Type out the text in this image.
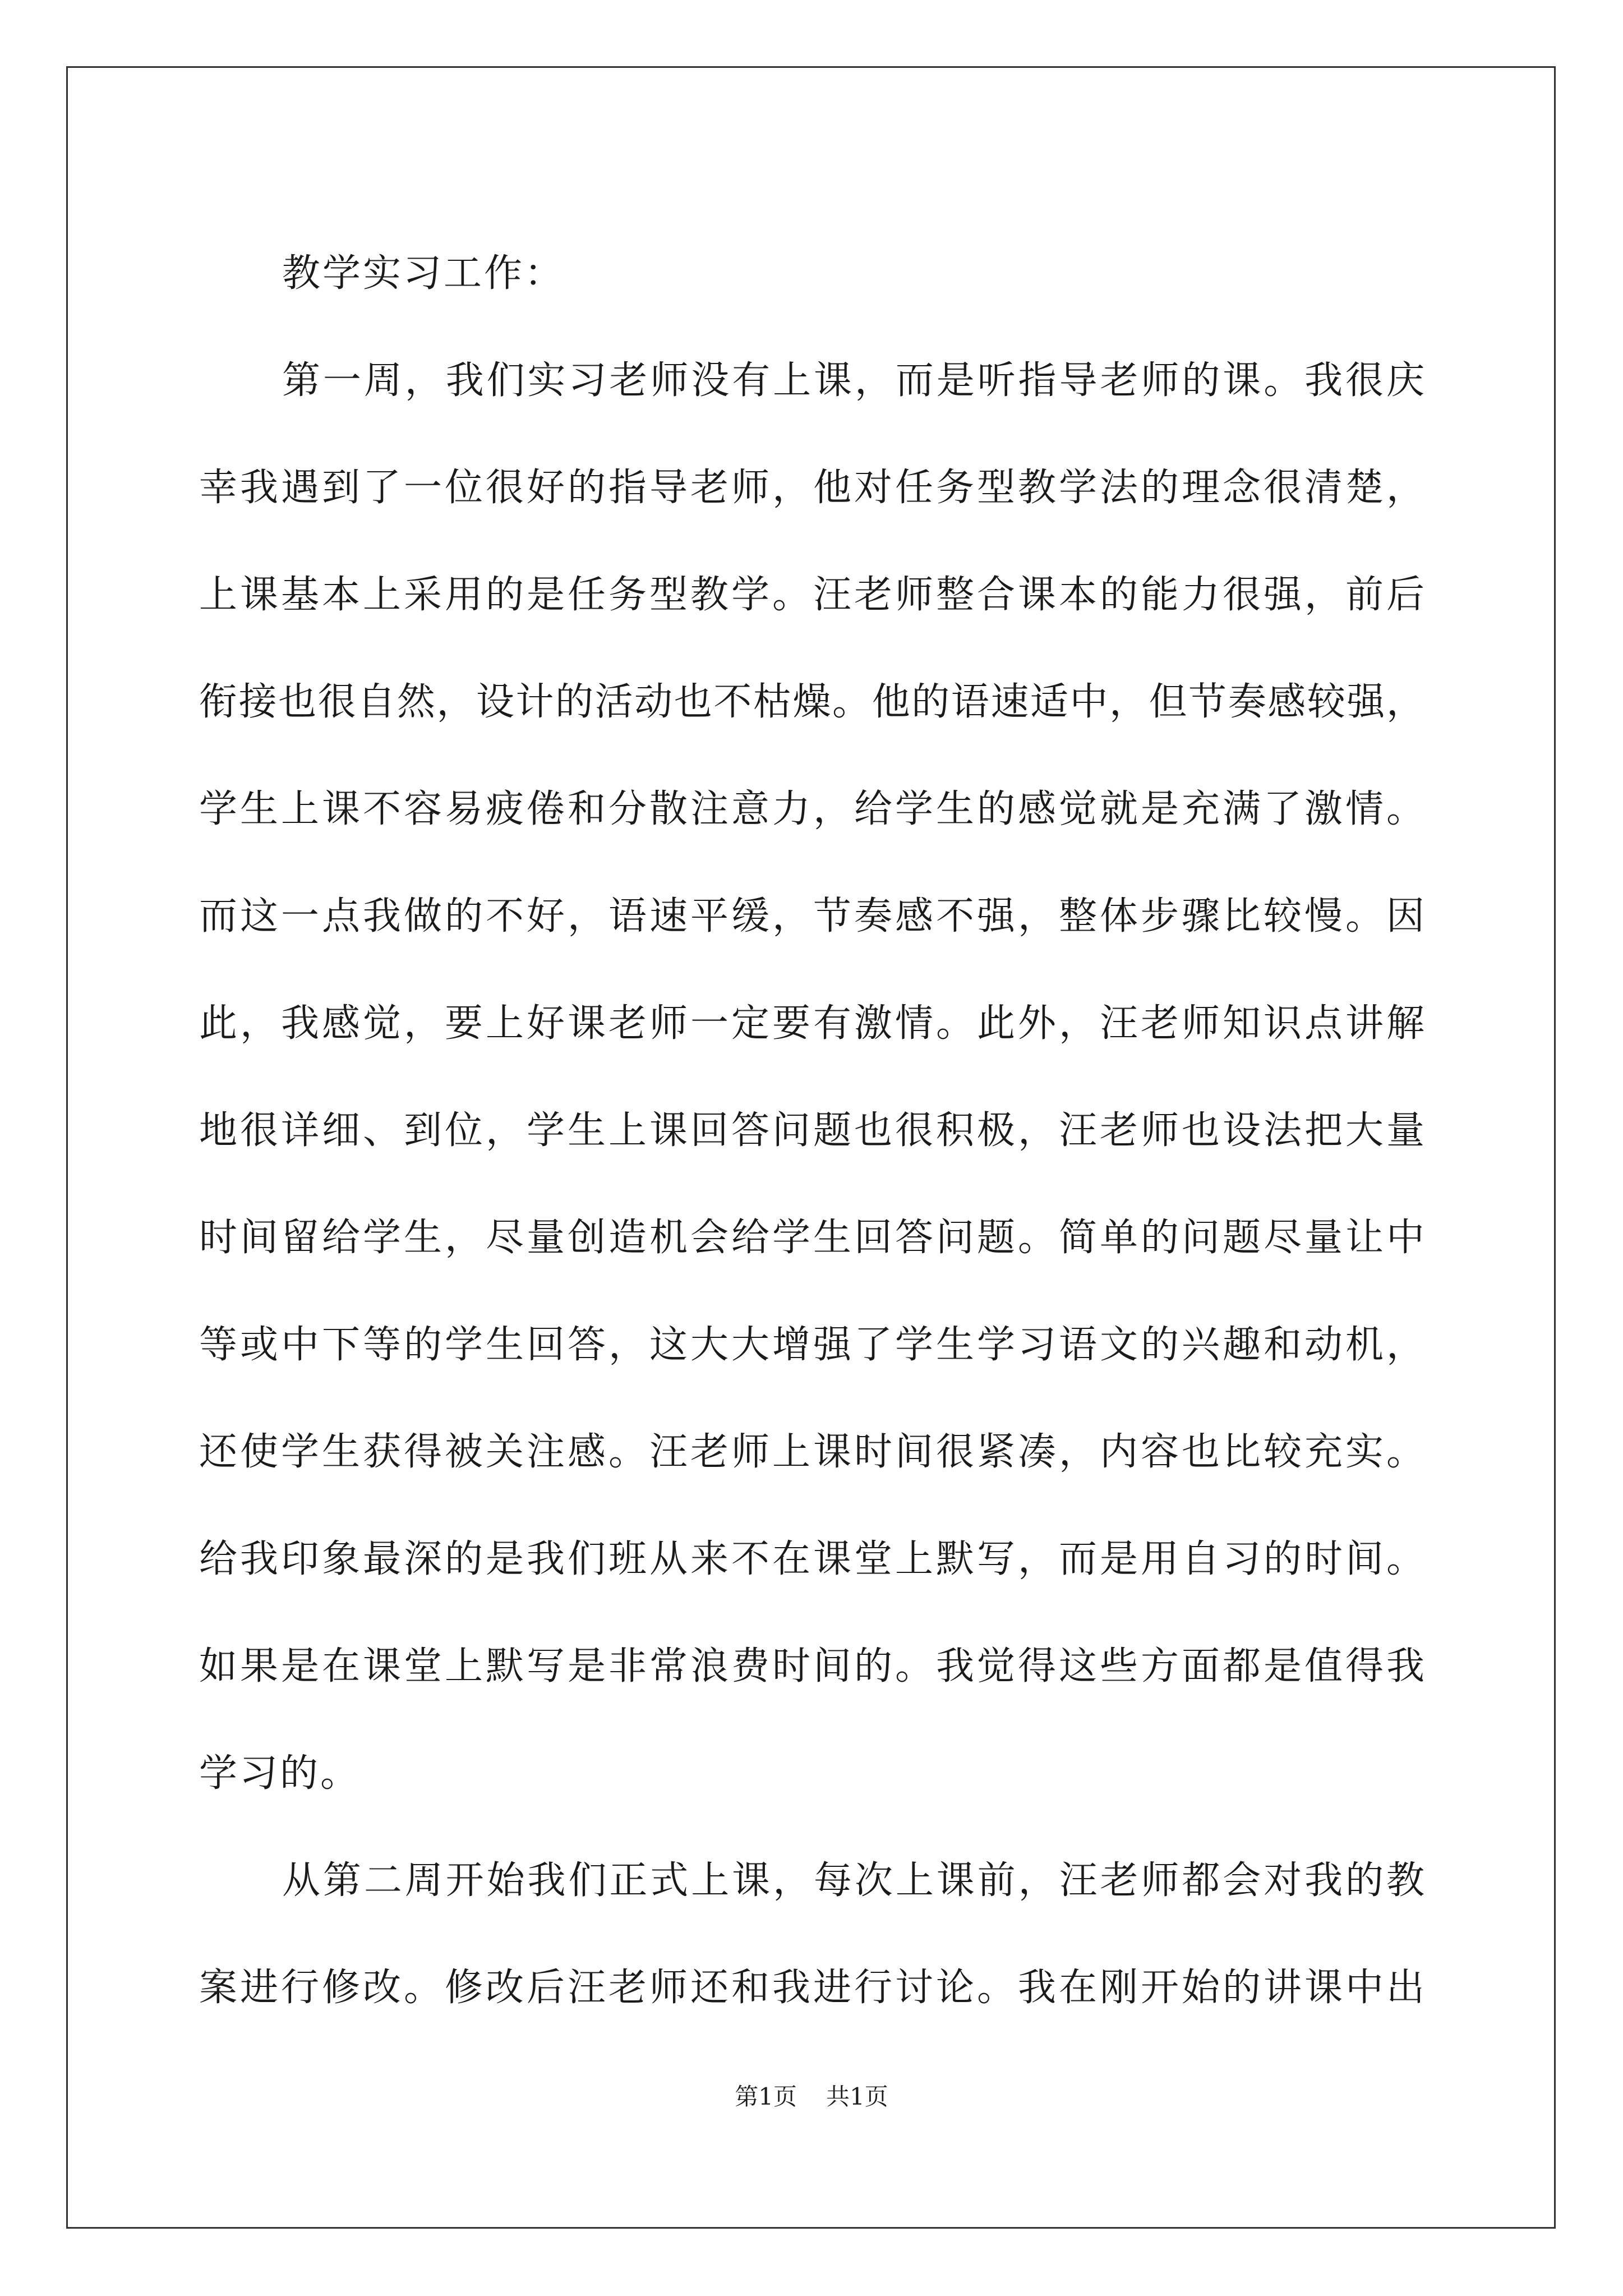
教学实习工作：
第一周，我们实习老师没有上课，而是听指导老师的课。我很庆
幸我遇到了一位很好的指导老师，他对任务型教学法的理念很清楚，
上课基本上采用的是任务型教学。汪老师整合课本的能力很强，前后
衔接也很自然，设计的活动也不枯燥。他的语速适中，但节奏感较强，
学生上课不容易疲倦和分散注意力，给学生的感觉就是充满了激情。
而这一点我做的不好，语速平缓，节奏感不强，整体步骤比较慢。因
此，我感觉，要上好课老师一定要有激情。此外，汪老师知识点讲解
地很详细、到位，学生上课回答问题也很积极，汪老师也设法把大量
时间留给学生，尽量创造机会给学生回答问题。简单的问题尽量让中
等或中下等的学生回答，这大大增强了学生学习语文的兴趣和动机，
还使学生获得被关注感。汪老师上课时间很紧凑，内容也比较充实。
给我印象最深的是我们班从来不在课堂上默写，而是用自习的时间。
如果是在课堂上默写是非常浪费时间的。我觉得这些方面都是值得我
学习的。
从第二周开始我们正式上课，每次上课前，汪老师都会对我的教
案进行修改。修改后汪老师还和我进行讨论。我在刚开始的讲课中出
第1页 共1页
